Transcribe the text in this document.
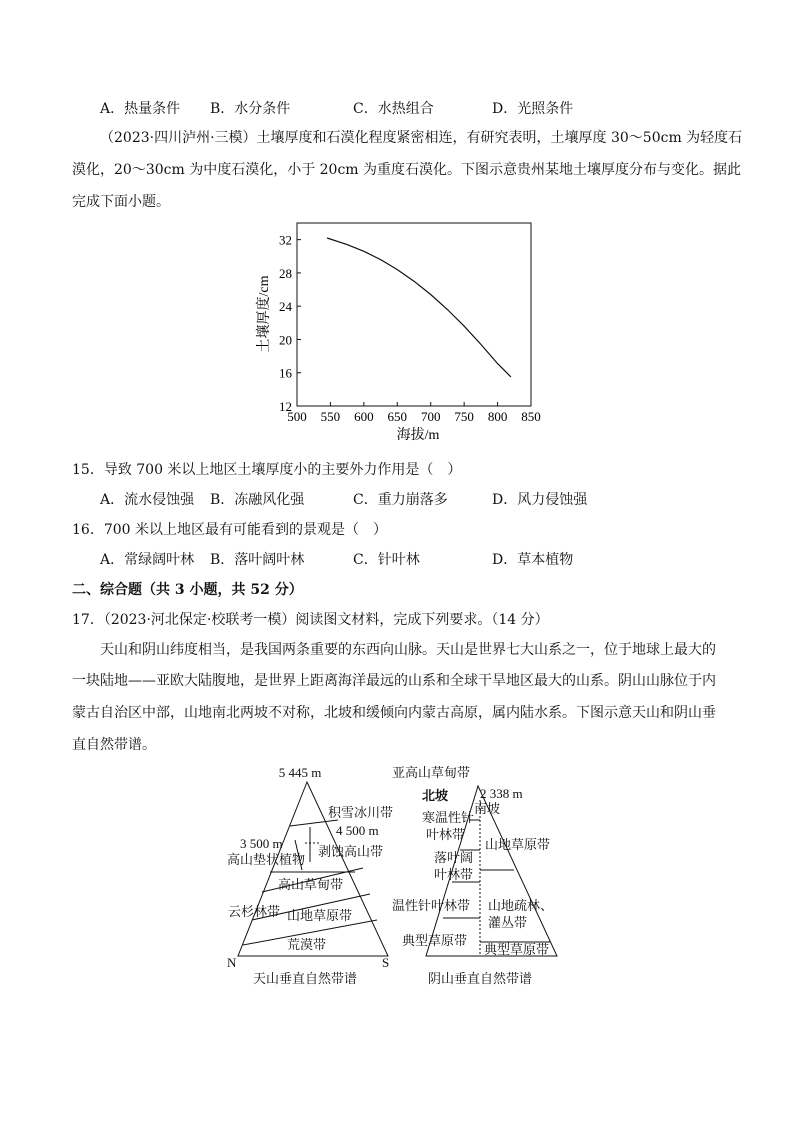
A．热量条件 B．水分条件	C．水热组合	D．光照条件
（2023·四川泸州·三模）土壤厚度和石漠化程度紧密相连，有研究表明，土壤厚度 30～50cm 为轻度石
漠化，20～30cm 为中度石漠化，小于 20cm 为重度石漠化。下图示意贵州某地土壤厚度分布与变化。据此
完成下面小题。
500 550 600 650 700 750 800 850
12
16
20
24
28
32
海拔/m
土壤厚度/cm
15．导致 700 米以上地区土壤厚度小的主要外力作用是（　）
A．流水侵蚀强 B．冻融风化强	C．重力崩落多	D．风力侵蚀强
16．700 米以上地区最有可能看到的景观是（　）
A．常绿阔叶林 B．落叶阔叶林	C．针叶林	D．草本植物
二、综合题（共 3 小题，共 52 分）
17．（2023·河北保定·校联考一模）阅读图文材料，完成下列要求。（14 分）
天山和阴山纬度相当，是我国两条重要的东西向山脉。天山是世界七大山系之一，位于地球上最大的
一块陆地——亚欧大陆腹地，是世界上距离海洋最远的山系和全球干旱地区最大的山系。阴山山脉位于内
蒙古自治区中部，山地南北两坡不对称，北坡和缓倾向内蒙古高原，属内陆水系。下图示意天山和阴山垂
直自然带谱。
5 445 m
积雪冰川带
4 500 m
3 500 m
剥蚀高山带
高山垫状植物
高山草甸带
云杉林带 山地草原带
荒漠带
N	S
天山垂直自然带谱
亚高山草甸带
北坡 2 338 m
南坡
寒温性针
叶林带
山地草原带
落叶阔
叶林带
温性针叶林带 山地疏林、
灌丛带
典型草原带
典型草原带
阴山垂直自然带谱
